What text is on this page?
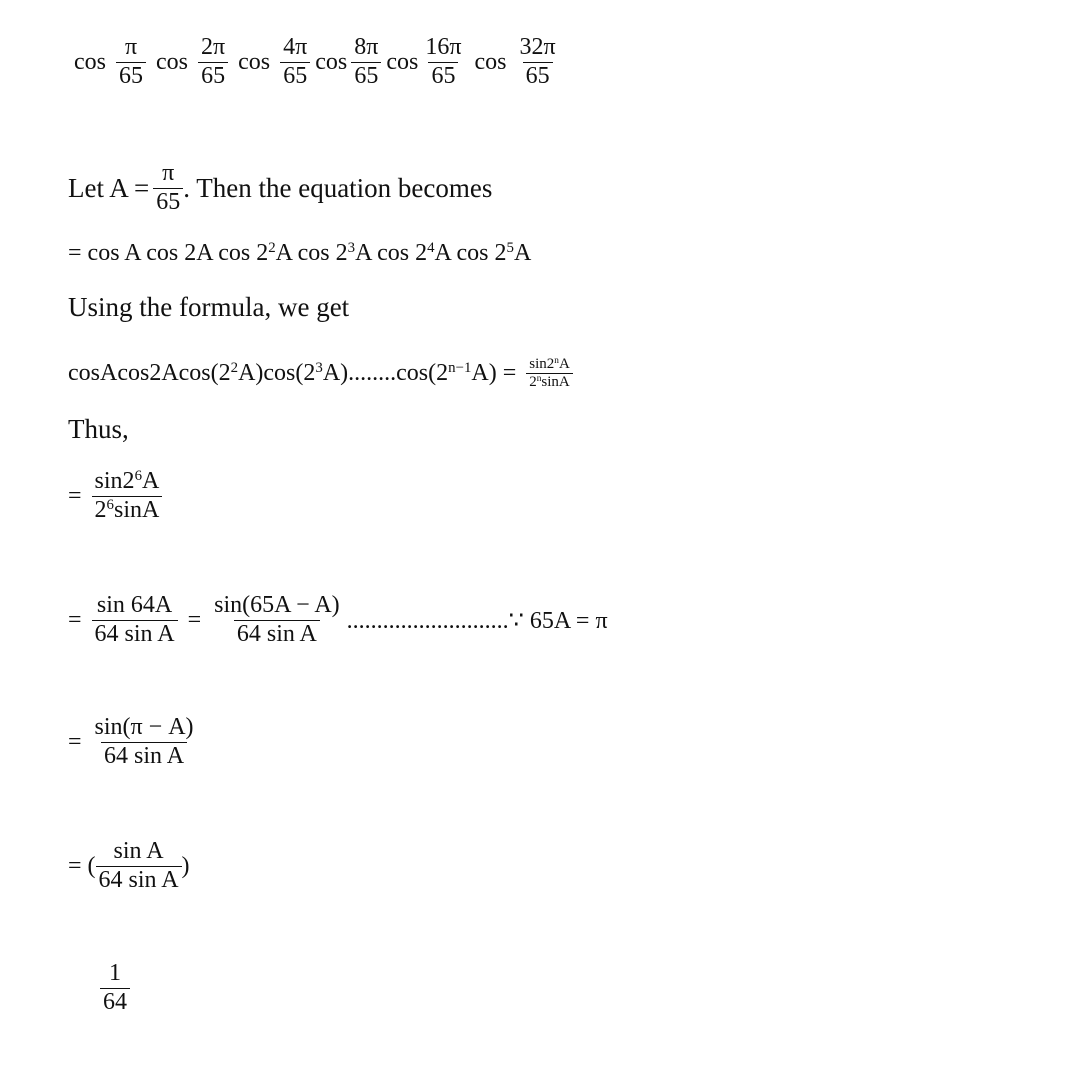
$\cos \frac{\pi}{65}$ $\cos \frac{2\pi}{65}$ $\cos \frac{4\pi}{65}$ $\cos \frac{8\pi}{65}$ $\cos \frac{16\pi}{65}$ $\cos \frac{32\pi}{65}$
Let $A = \frac{\pi}{65}$ . Then the equation becomes
= cos A cos 2A $\cos 2^2A$ $\cos 2^3A$ $\cos 2^4A$ $\cos 2^5A$
Using the formula, we get
$cosAcos2Acos(2^2A)\cos(2^3A)........\cos(2^{n-1}A) = \frac{\sin 2^nA}{2^n\sin A}$
Thus,
= $\frac{\sin 2^6A}{2^6\sin A}$
= $\frac{\sin 64A}{\text{64 sin A}} = \frac{\sin(65A - A)}{\text{64 sin A}}$ ...........................∵ 65A = π
= $\frac{\sin(\pi - A)}{\text{64 sin A}}$
= ( $\frac{\text{sin A}}{\text{64 sin A}}$ )
$\frac{1}{64}$
